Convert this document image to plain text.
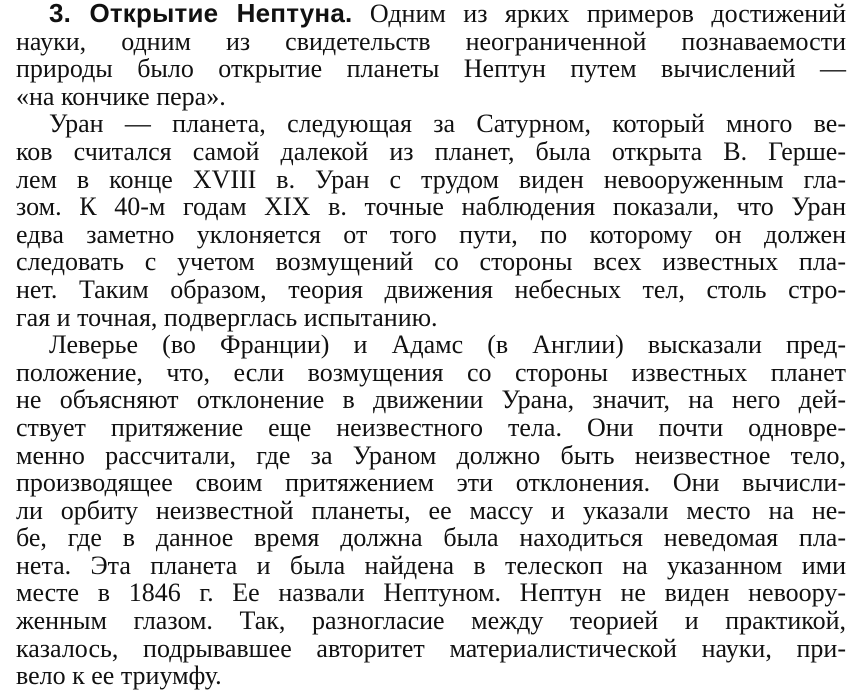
3. Открытие Нептуна. Одним из ярких примеров достижений
науки, одним из свидетельств неограниченной познаваемости
природы было открытие планеты Нептун путем вычислений —
«на кончике пера».
Уран — планета, следующая за Сатурном, который много ве-
ков считался самой далекой из планет, была открыта В. Герше-
лем в конце XVIII в. Уран с трудом виден невооруженным гла-
зом. К 40-м годам XIX в. точные наблюдения показали, что Уран
едва заметно уклоняется от того пути, по которому он должен
следовать с учетом возмущений со стороны всех известных пла-
нет. Таким образом, теория движения небесных тел, столь стро-
гая и точная, подверглась испытанию.
Леверье (во Франции) и Адамс (в Англии) высказали пред-
положение, что, если возмущения со стороны известных планет
не объясняют отклонение в движении Урана, значит, на него дей-
ствует притяжение еще неизвестного тела. Они почти одновре-
менно рассчитали, где за Ураном должно быть неизвестное тело,
производящее своим притяжением эти отклонения. Они вычисли-
ли орбиту неизвестной планеты, ее массу и указали место на не-
бе, где в данное время должна была находиться неведомая пла-
нета. Эта планета и была найдена в телескоп на указанном ими
месте в 1846 г. Ее назвали Нептуном. Нептун не виден невоору-
женным глазом. Так, разногласие между теорией и практикой,
казалось, подрывавшее авторитет материалистической науки, при-
вело к ее триумфу.
